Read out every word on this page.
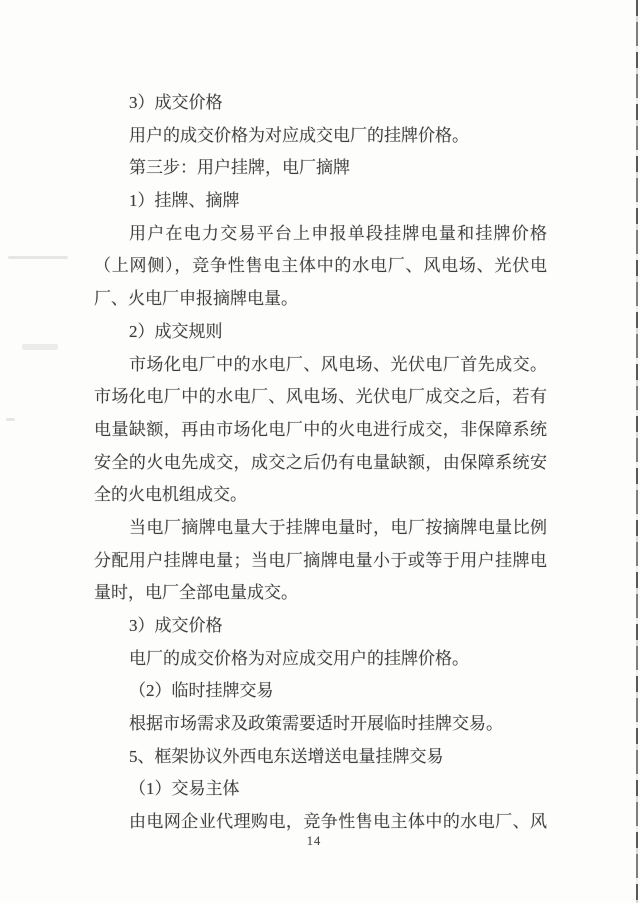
3）成交价格
用户的成交价格为对应成交电厂的挂牌价格。
第三步：用户挂牌，电厂摘牌
1）挂牌、摘牌
用户在电力交易平台上申报单段挂牌电量和挂牌价格
（上网侧），竞争性售电主体中的水电厂、风电场、光伏电
厂、火电厂申报摘牌电量。
2）成交规则
市场化电厂中的水电厂、风电场、光伏电厂首先成交。
市场化电厂中的水电厂、风电场、光伏电厂成交之后，若有
电量缺额，再由市场化电厂中的火电进行成交，非保障系统
安全的火电先成交，成交之后仍有电量缺额，由保障系统安
全的火电机组成交。
当电厂摘牌电量大于挂牌电量时，电厂按摘牌电量比例
分配用户挂牌电量；当电厂摘牌电量小于或等于用户挂牌电
量时，电厂全部电量成交。
3）成交价格
电厂的成交价格为对应成交用户的挂牌价格。
（2）临时挂牌交易
根据市场需求及政策需要适时开展临时挂牌交易。
5、框架协议外西电东送增送电量挂牌交易
（1）交易主体
由电网企业代理购电，竞争性售电主体中的水电厂、风
14
